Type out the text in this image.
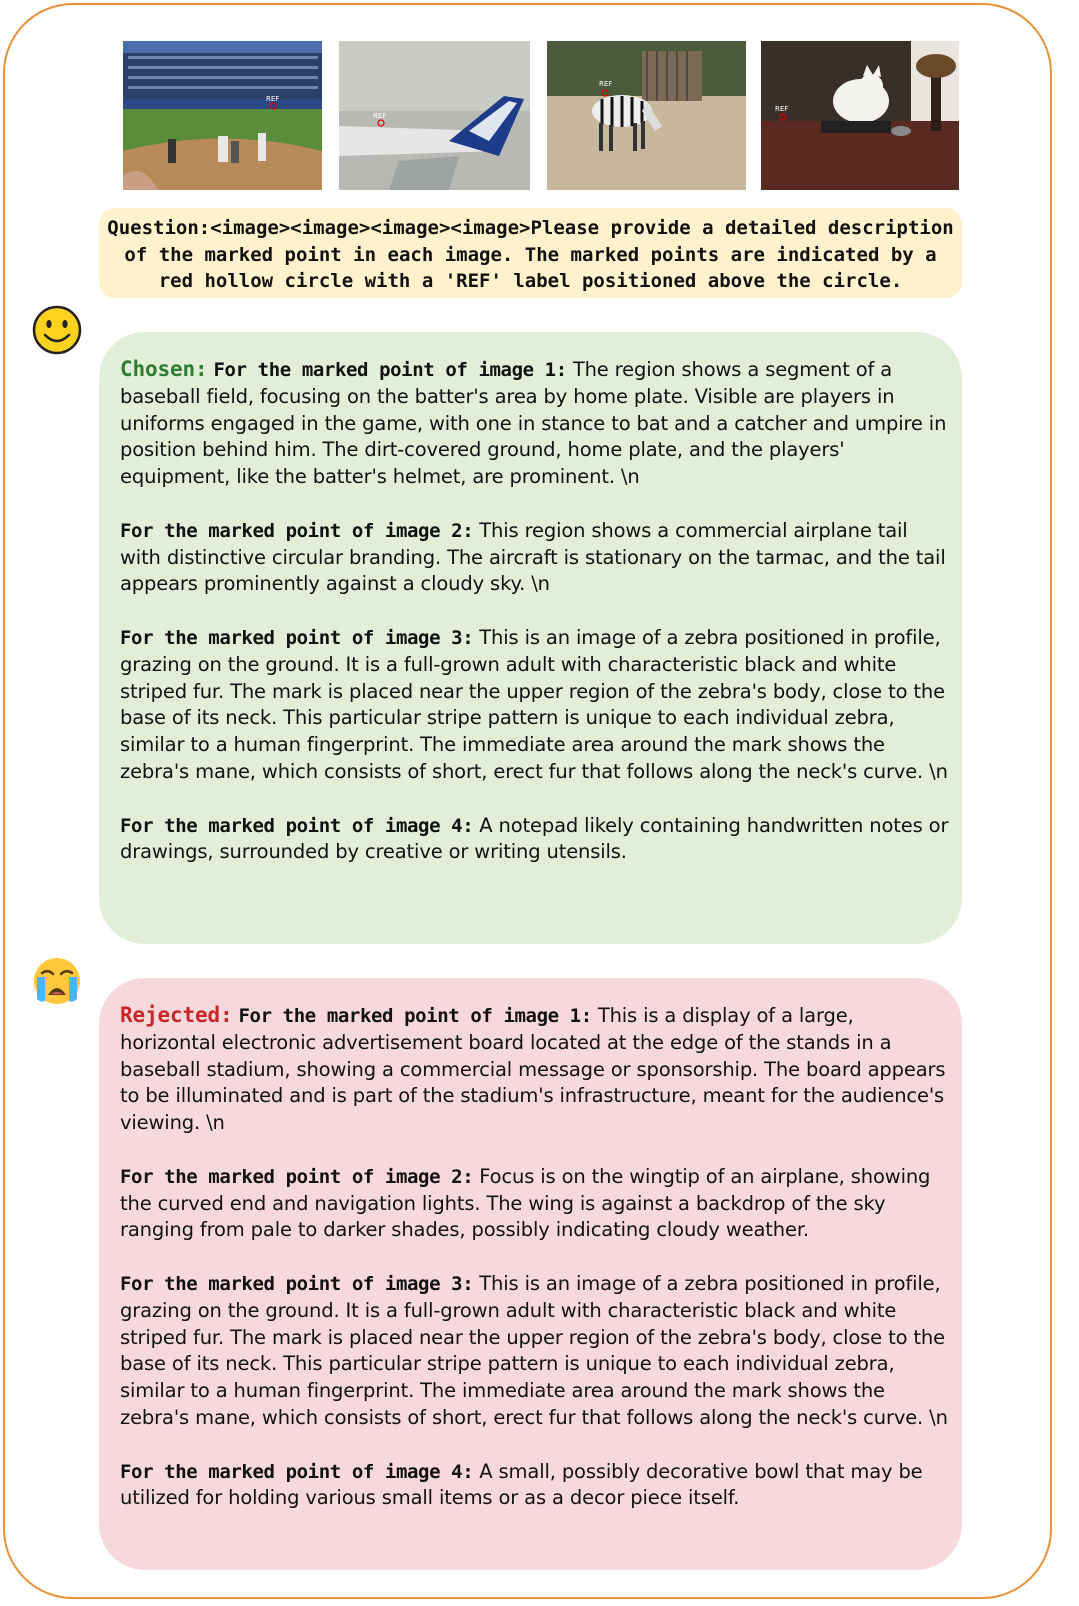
REF
REF
REF
REF
Question:<image><image><image><image>Please provide a detailed description of the marked point in each image. The marked points are indicated by a red hollow circle with a 'REF' label positioned above the circle.

Chosen: For the marked point of image 1: The region shows a segment of a baseball field, focusing on the batter's area by home plate. Visible are players in uniforms engaged in the game, with one in stance to bat and a catcher and umpire in position behind him. The dirt-covered ground, home plate, and the players' equipment, like the batter's helmet, are prominent. \n

For the marked point of image 2: This region shows a commercial airplane tail with distinctive circular branding. The aircraft is stationary on the tarmac, and the tail appears prominently against a cloudy sky. \n

For the marked point of image 3: This is an image of a zebra positioned in profile, grazing on the ground. It is a full-grown adult with characteristic black and white striped fur. The mark is placed near the upper region of the zebra's body, close to the base of its neck. This particular stripe pattern is unique to each individual zebra, similar to a human fingerprint. The immediate area around the mark shows the zebra's mane, which consists of short, erect fur that follows along the neck's curve. \n

For the marked point of image 4: A notepad likely containing handwritten notes or drawings, surrounded by creative or writing utensils.

Rejected: For the marked point of image 1: This is a display of a large, horizontal electronic advertisement board located at the edge of the stands in a baseball stadium, showing a commercial message or sponsorship. The board appears to be illuminated and is part of the stadium's infrastructure, meant for the audience's viewing. \n

For the marked point of image 2: Focus is on the wingtip of an airplane, showing the curved end and navigation lights. The wing is against a backdrop of the sky ranging from pale to darker shades, possibly indicating cloudy weather.

For the marked point of image 3: This is an image of a zebra positioned in profile, grazing on the ground. It is a full-grown adult with characteristic black and white striped fur. The mark is placed near the upper region of the zebra's body, close to the base of its neck. This particular stripe pattern is unique to each individual zebra, similar to a human fingerprint. The immediate area around the mark shows the zebra's mane, which consists of short, erect fur that follows along the neck's curve. \n

For the marked point of image 4: A small, possibly decorative bowl that may be utilized for holding various small items or as a decor piece itself.
